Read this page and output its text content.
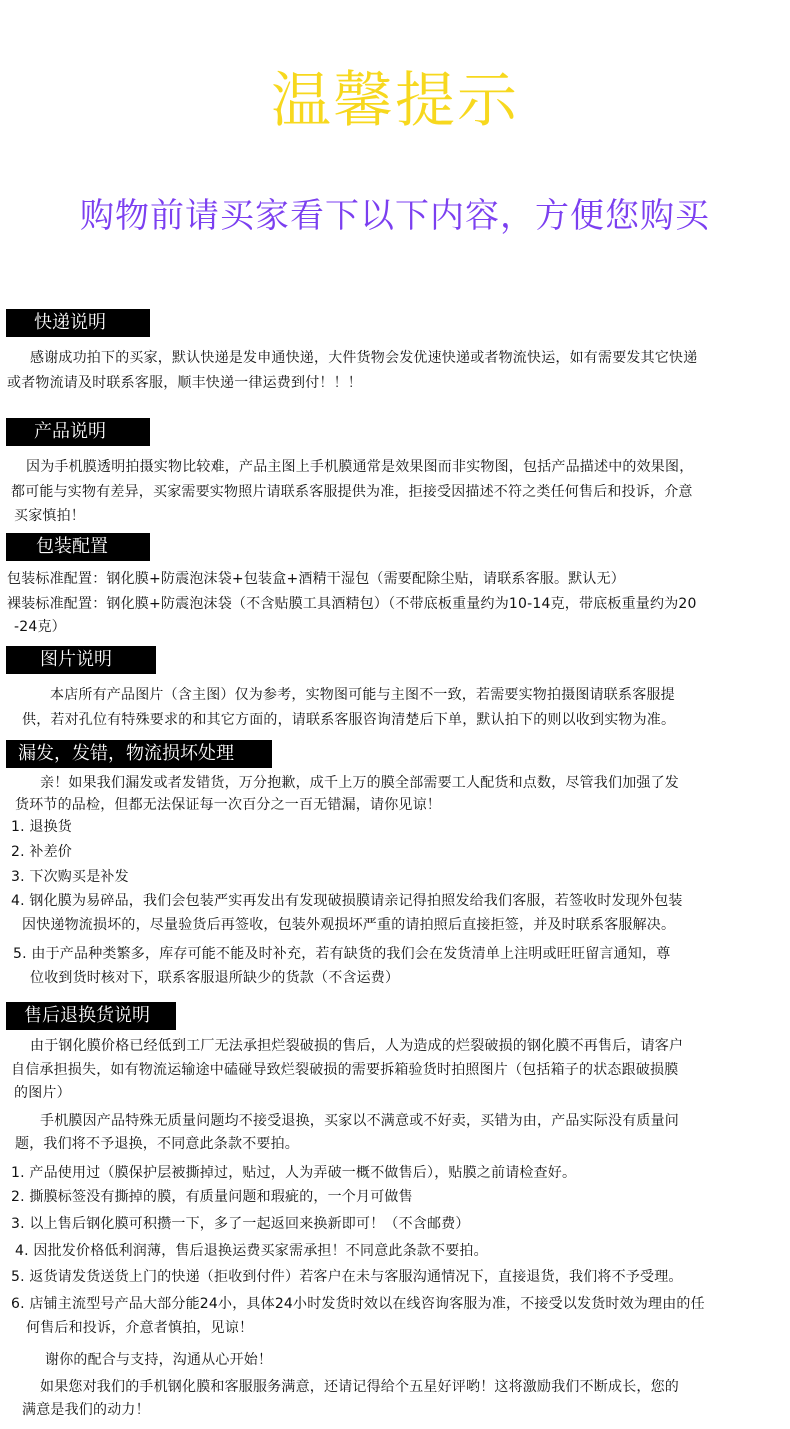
温馨提示
购物前请买家看下以下内容，方便您购买
快递说明
感谢成功拍下的买家，默认快递是发申通快递，大件货物会发优速快递或者物流快运，如有需要发其它快递
或者物流请及时联系客服，顺丰快递一律运费到付！！！
产品说明
因为手机膜透明拍摄实物比较难，产品主图上手机膜通常是效果图而非实物图，包括产品描述中的效果图，
都可能与实物有差异，买家需要实物照片请联系客服提供为准，拒接受因描述不符之类任何售后和投诉，介意
买家慎拍！
包装配置
包装标准配置：钢化膜+防震泡沫袋+包装盒+酒精干湿包（需要配除尘贴，请联系客服。默认无）
裸装标准配置：钢化膜+防震泡沫袋（不含贴膜工具酒精包）（不带底板重量约为10-14克，带底板重量约为20
-24克）
图片说明
本店所有产品图片（含主图）仅为参考，实物图可能与主图不一致，若需要实物拍摄图请联系客服提
供，若对孔位有特殊要求的和其它方面的，请联系客服咨询清楚后下单，默认拍下的则以收到实物为准。
漏发，发错，物流损坏处理
亲！如果我们漏发或者发错货，万分抱歉，成千上万的膜全部需要工人配货和点数，尽管我们加强了发
货环节的品检，但都无法保证每一次百分之一百无错漏，请你见谅！
1. 退换货
2. 补差价
3. 下次购买是补发
4. 钢化膜为易碎品，我们会包装严实再发出有发现破损膜请亲记得拍照发给我们客服，若签收时发现外包装
因快递物流损坏的，尽量验货后再签收，包装外观损坏严重的请拍照后直接拒签，并及时联系客服解决。
5. 由于产品种类繁多，库存可能不能及时补充，若有缺货的我们会在发货清单上注明或旺旺留言通知，尊
位收到货时核对下，联系客服退所缺少的货款（不含运费）
售后退换货说明
由于钢化膜价格已经低到工厂无法承担烂裂破损的售后，人为造成的烂裂破损的钢化膜不再售后，请客户
自信承担损失，如有物流运输途中磕碰导致烂裂破损的需要拆箱验货时拍照图片（包括箱子的状态跟破损膜
的图片）
手机膜因产品特殊无质量问题均不接受退换，买家以不满意或不好卖，买错为由，产品实际没有质量问
题，我们将不予退换，不同意此条款不要拍。
1. 产品使用过（膜保护层被撕掉过，贴过，人为弄破一概不做售后），贴膜之前请检查好。
2. 撕膜标签没有撕掉的膜，有质量问题和瑕疵的，一个月可做售
3. 以上售后钢化膜可积攒一下，多了一起返回来换新即可！（不含邮费）
4. 因批发价格低利润薄，售后退换运费买家需承担！不同意此条款不要拍。
5. 返货请发货送货上门的快递（拒收到付件）若客户在未与客服沟通情况下，直接退货，我们将不予受理。
6. 店铺主流型号产品大部分能24小，具体24小时发货时效以在线咨询客服为准，不接受以发货时效为理由的任
何售后和投诉，介意者慎拍，见谅！
谢你的配合与支持，沟通从心开始！
如果您对我们的手机钢化膜和客服服务满意，还请记得给个五星好评哟！这将激励我们不断成长，您的
满意是我们的动力！
